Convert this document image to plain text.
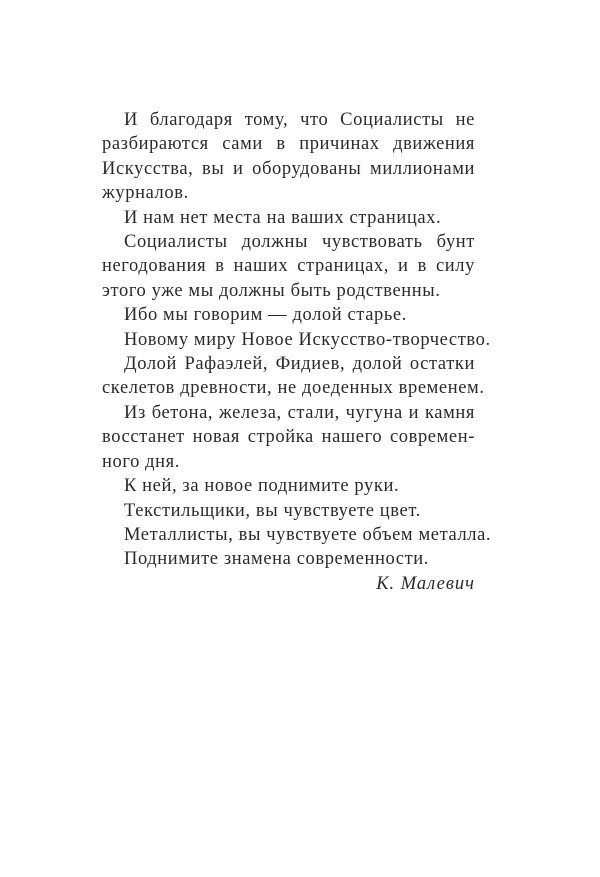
И благодаря тому, что Социалисты не
разбираются сами в причинах движения
Искусства, вы и оборудованы миллионами
журналов.
И нам нет места на ваших страницах.
Социалисты должны чувствовать бунт
негодования в наших страницах, и в силу
этого уже мы должны быть родственны.
Ибо мы говорим — долой старье.
Новому миру Новое Искусство-творчество.
Долой Рафаэлей, Фидиев, долой остатки
скелетов древности, не доеденных временем.
Из бетона, железа, стали, чугуна и камня
восстанет новая стройка нашего современ-
ного дня.
К ней, за новое поднимите руки.
Текстильщики, вы чувствуете цвет.
Металлисты, вы чувствуете объем металла.
Поднимите знамена современности.
К. Малевич
